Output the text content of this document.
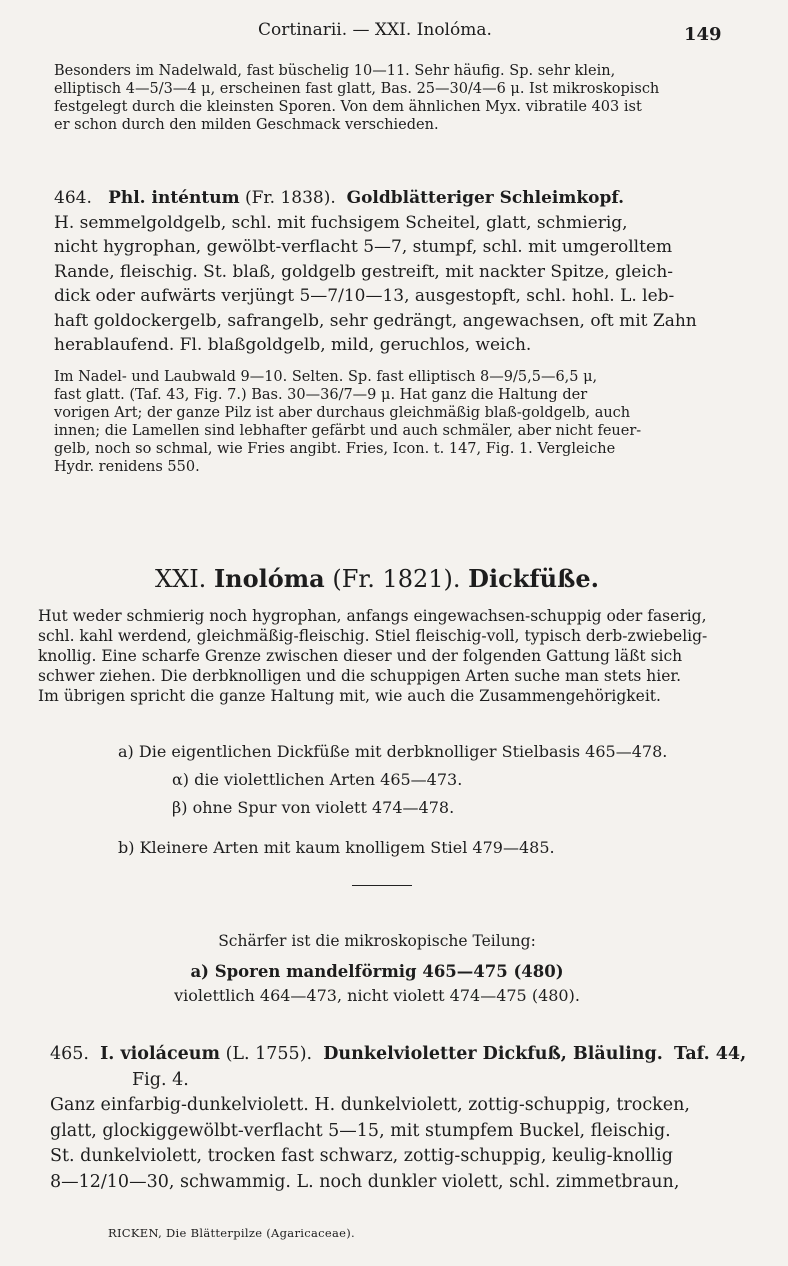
Cortinarii. — XXI. Inolóma.	149
Besonders im Nadelwald, fast büschelig 10—11. Sehr häufig. Sp. sehr klein,
elliptisch 4—5/3—4 μ, erscheinen fast glatt, Bas. 25—30/4—6 μ. Ist mikroskopisch
festgelegt durch die kleinsten Sporen. Von dem ähnlichen Myx. vibratile 403 ist
er schon durch den milden Geschmack verschieden.
464. Phl. inténtum (Fr. 1838). Goldblätteriger Schleimkopf.
H. semmelgoldgelb, schl. mit fuchsigem Scheitel, glatt, schmierig,
nicht hygrophan, gewölbt-verflacht 5—7, stumpf, schl. mit umgerolltem
Rande, fleischig. St. blaß, goldgelb gestreift, mit nackter Spitze, gleich-
dick oder aufwärts verjüngt 5—7/10—13, ausgestopft, schl. hohl. L. leb-
haft goldockergelb, safrangelb, sehr gedrängt, angewachsen, oft mit Zahn
herablaufend. Fl. blaßgoldgelb, mild, geruchlos, weich.
Im Nadel- und Laubwald 9—10. Selten. Sp. fast elliptisch 8—9/5,5—6,5 μ,
fast glatt. (Taf. 43, Fig. 7.) Bas. 30—36/7—9 μ. Hat ganz die Haltung der
vorigen Art; der ganze Pilz ist aber durchaus gleichmäßig blaß-goldgelb, auch
innen; die Lamellen sind lebhafter gefärbt und auch schmäler, aber nicht feuer-
gelb, noch so schmal, wie Fries angibt. Fries, Icon. t. 147, Fig. 1. Vergleiche
Hydr. renidens 550.
XXI. Inolóma (Fr. 1821). Dickfüße.
Hut weder schmierig noch hygrophan, anfangs eingewachsen-schuppig oder faserig,
schl. kahl werdend, gleichmäßig-fleischig. Stiel fleischig-voll, typisch derb-zwiebelig-
knollig. Eine scharfe Grenze zwischen dieser und der folgenden Gattung läßt sich
schwer ziehen. Die derbknolligen und die schuppigen Arten suche man stets hier.
Im übrigen spricht die ganze Haltung mit, wie auch die Zusammengehörigkeit.
a) Die eigentlichen Dickfüße mit derbknolliger Stielbasis 465—478.
α) die violettlichen Arten 465—473.
β) ohne Spur von violett 474—478.
b) Kleinere Arten mit kaum knolligem Stiel 479—485.
Schärfer ist die mikroskopische Teilung:
a) Sporen mandelförmig 465—475 (480)
violettlich 464—473, nicht violett 474—475 (480).
465. I. violáceum (L. 1755). Dunkelvioletter Dickfuß, Bläuling. Taf. 44,
Fig. 4.
Ganz einfarbig-dunkelviolett. H. dunkelviolett, zottig-schuppig, trocken,
glatt, glockiggewölbt-verflacht 5—15, mit stumpfem Buckel, fleischig.
St. dunkelviolett, trocken fast schwarz, zottig-schuppig, keulig-knollig
8—12/10—30, schwammig. L. noch dunkler violett, schl. zimmetbraun,
RICKEN, Die Blätterpilze (Agaricaceae).
